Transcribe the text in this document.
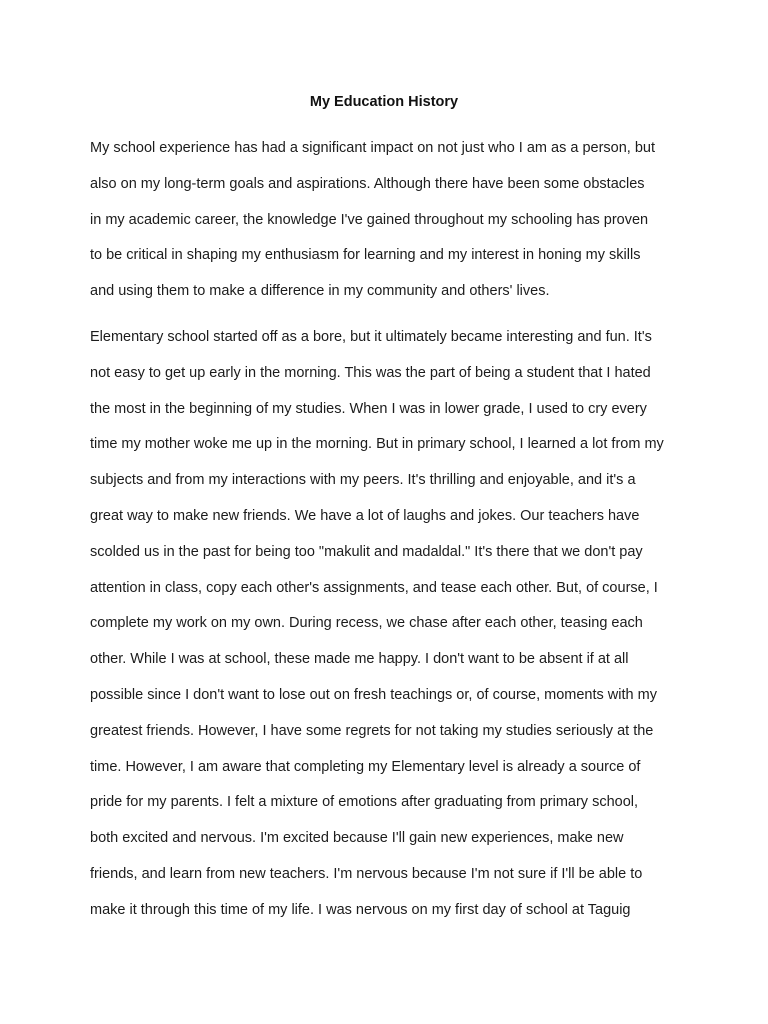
My Education History
My school experience has had a significant impact on not just who I am as a person, but
also on my long-term goals and aspirations. Although there have been some obstacles
in my academic career, the knowledge I've gained throughout my schooling has proven
to be critical in shaping my enthusiasm for learning and my interest in honing my skills
and using them to make a difference in my community and others' lives.
Elementary school started off as a bore, but it ultimately became interesting and fun. It's
not easy to get up early in the morning. This was the part of being a student that I hated
the most in the beginning of my studies. When I was in lower grade, I used to cry every
time my mother woke me up in the morning. But in primary school, I learned a lot from my
subjects and from my interactions with my peers. It's thrilling and enjoyable, and it's a
great way to make new friends. We have a lot of laughs and jokes. Our teachers have
scolded us in the past for being too "makulit and madaldal." It's there that we don't pay
attention in class, copy each other's assignments, and tease each other. But, of course, I
complete my work on my own. During recess, we chase after each other, teasing each
other. While I was at school, these made me happy. I don't want to be absent if at all
possible since I don't want to lose out on fresh teachings or, of course, moments with my
greatest friends. However, I have some regrets for not taking my studies seriously at the
time. However, I am aware that completing my Elementary level is already a source of
pride for my parents. I felt a mixture of emotions after graduating from primary school,
both excited and nervous. I'm excited because I'll gain new experiences, make new
friends, and learn from new teachers. I'm nervous because I'm not sure if I'll be able to
make it through this time of my life. I was nervous on my first day of school at Taguig
